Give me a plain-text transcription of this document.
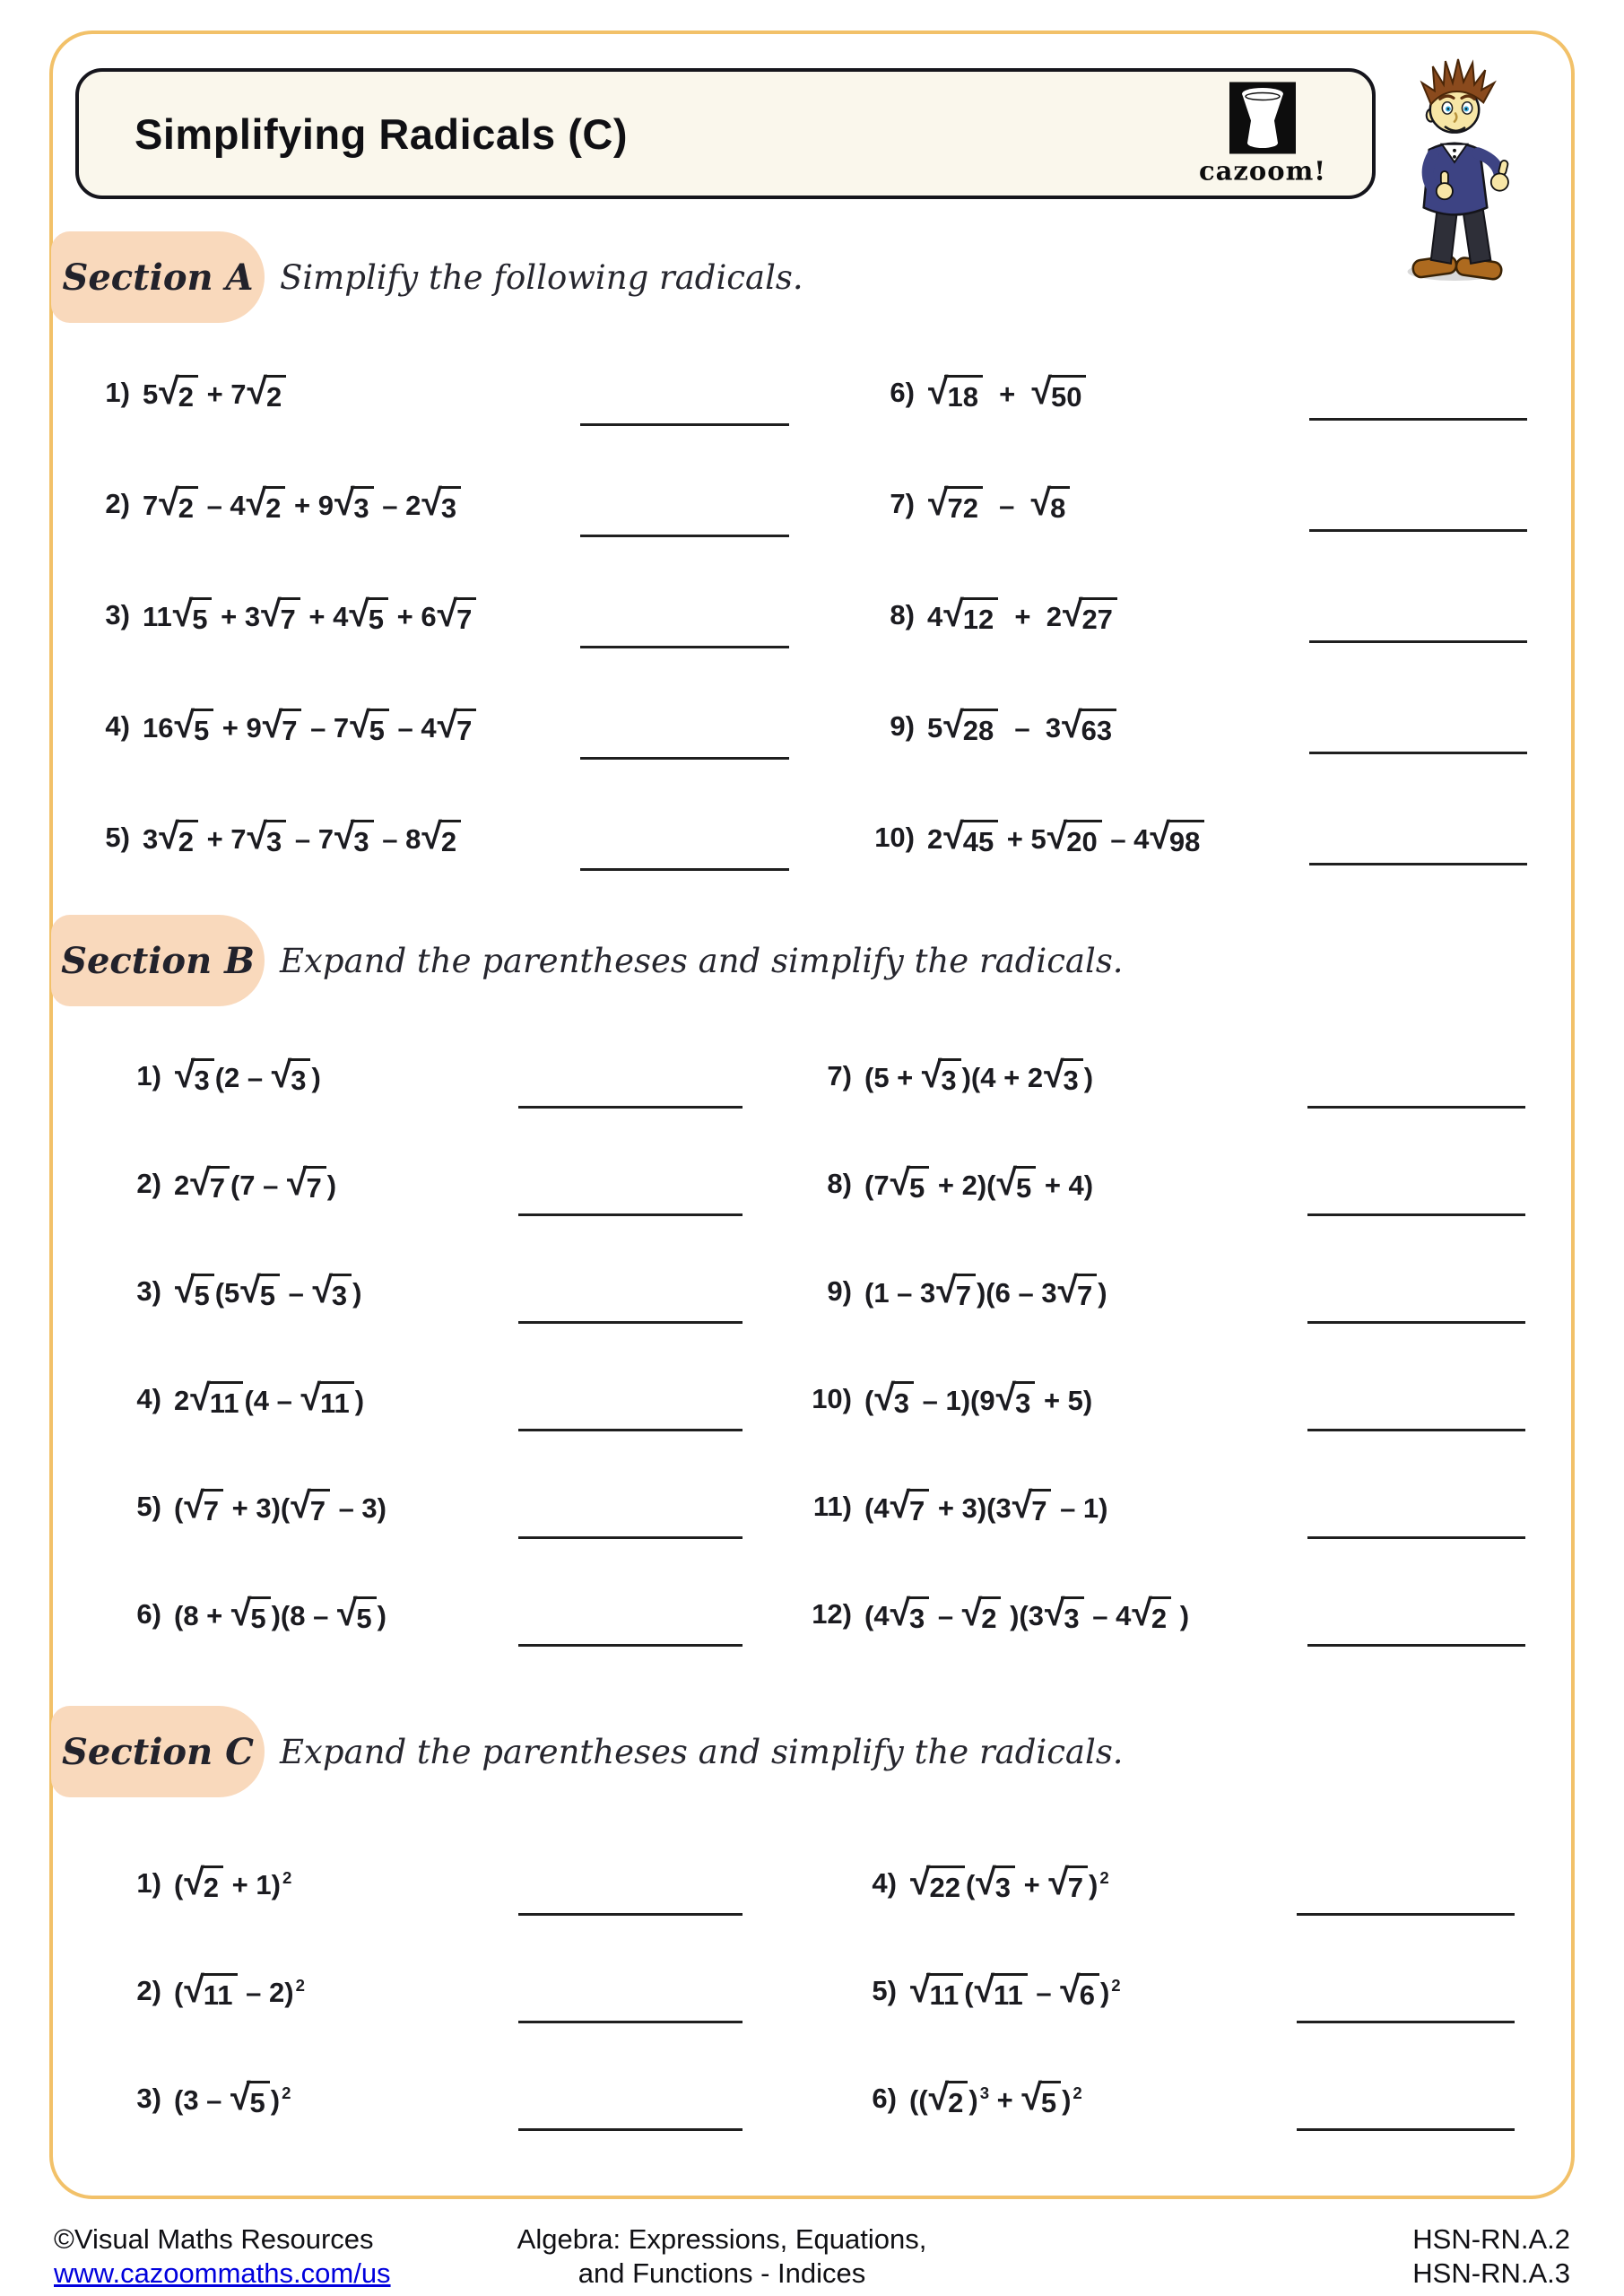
Simplifying Radicals (C)
cazoom!
Section A Simplify the following radicals.
Section B Expand the parentheses and simplify the radicals.
Section C Expand the parentheses and simplify the radicals.
1) 5 √ 2 + 7 √ 2
2) 7 √ 2 – 4 √ 2 + 9 √ 3 – 2 √ 3
3) 11 √ 5 + 3 √ 7 + 4 √ 5 + 6 √ 7
4) 16 √ 5 + 9 √ 7 – 7 √ 5 – 4 √ 7
5) 3 √ 2 + 7 √ 3 – 7 √ 3 – 8 √ 2
6) √ 18 + √ 50
7) √ 72 – √ 8
8) 4 √ 12 +  2 √ 27
9) 5 √ 28 –  3 √ 63
10) 2 √ 45 + 5 √ 20 – 4 √ 98
1) √ 3 (2 – √ 3 )
2) 2 √ 7 (7 – √ 7 )
3) √ 5 (5 √ 5 – √ 3 )
4) 2 √ 11 (4 – √ 11 )
5) ( √ 7 + 3)( √ 7 – 3)
6) (8 + √ 5 )(8 – √ 5 )
7) (5 + √ 3 )(4 + 2 √ 3 )
8) (7 √ 5 + 2)( √ 5 + 4)
9) (1 – 3 √ 7 )(6 – 3 √ 7 )
10) ( √ 3 – 1)(9 √ 3 + 5)
11) (4 √ 7 + 3)(3 √ 7 – 1)
12) (4 √ 3 – √ 2 )(3 √ 3 – 4 √ 2 )
1) ( √ 2 + 1)$^2$
2) ( √ 11 – 2)$^2$
3) (3 – √ 5 )$^2$
4) √ 22 ( √ 3 + √ 7 )$^2$
5) √ 11 ( √ 11 – √ 6 )$^2$
6) (( √ 2 )$^3$ + √ 5 )$^2$
©Visual Maths Resources
www.cazoommaths.com/us
Algebra: Expressions, Equations,
and Functions - Indices
HSN-RN.A.2
HSN-RN.A.3
